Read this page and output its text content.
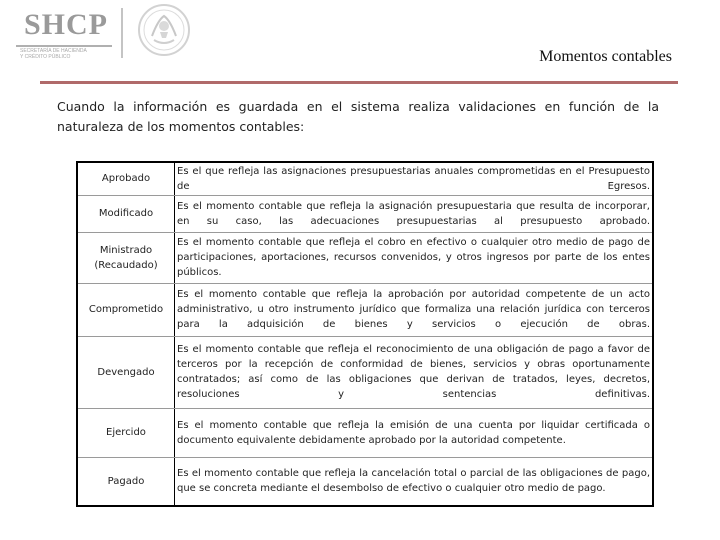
SHCP
SECRETARÍA DE HACIENDA
Y CRÉDITO PÚBLICO	Momentos contables
Cuando la información es guardada en el sistema realiza validaciones en función de la naturaleza de los momentos contables:
Aprobado	Es el que refleja las asignaciones presupuestarias anuales comprometidas en el Presupuesto de Egresos.
Modificado	Es el momento contable que refleja la asignación presupuestaria que resulta de incorporar, en su caso, las adecuaciones presupuestarias al presupuesto aprobado.
Ministrado (Recaudado)	Es el momento contable que refleja el cobro en efectivo o cualquier otro medio de pago de participaciones, aportaciones, recursos convenidos, y otros ingresos por parte de los entes públicos.
Comprometido	Es el momento contable que refleja la aprobación por autoridad competente de un acto administrativo, u otro instrumento jurídico que formaliza una relación jurídica con terceros para la adquisición de bienes y servicios o ejecución de obras.
Devengado	Es el momento contable que refleja el reconocimiento de una obligación de pago a favor de terceros por la recepción de conformidad de bienes, servicios y obras oportunamente contratados; así como de las obligaciones que derivan de tratados, leyes, decretos, resoluciones y sentencias definitivas.
Ejercido	Es el momento contable que refleja la emisión de una cuenta por liquidar certificada o documento equivalente debidamente aprobado por la autoridad competente.
Pagado	Es el momento contable que refleja la cancelación total o parcial de las obligaciones de pago, que se concreta mediante el desembolso de efectivo o cualquier otro medio de pago.
